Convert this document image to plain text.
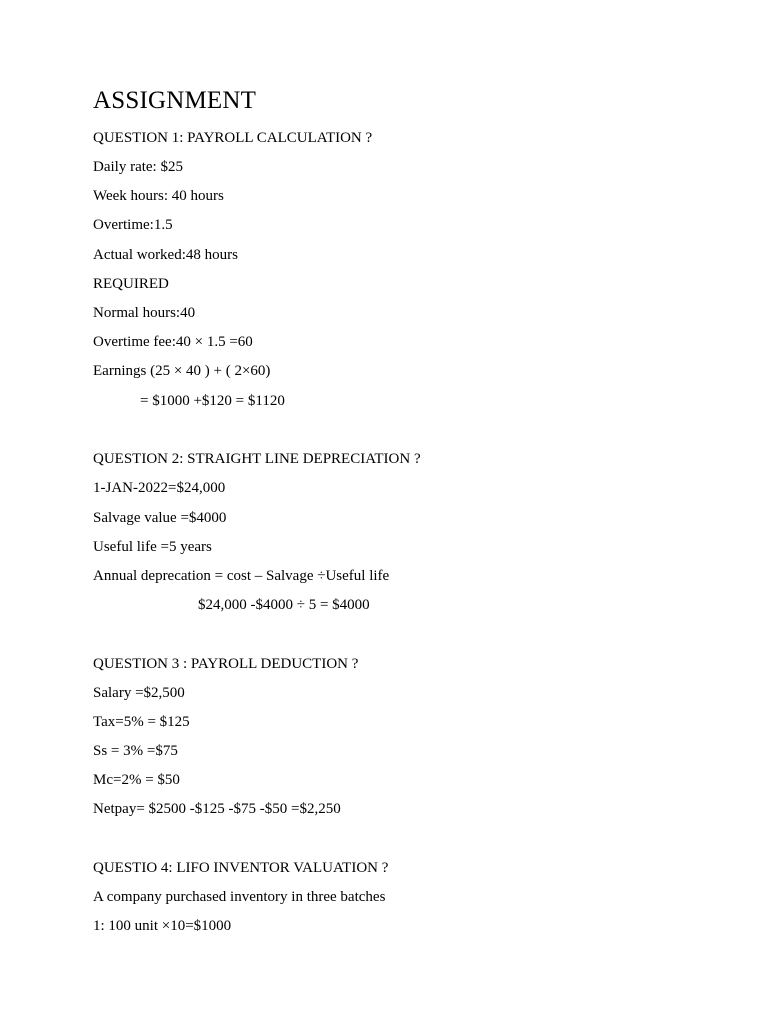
ASSIGNMENT
QUESTION 1: PAYROLL CALCULATION ?
Daily rate: $25
Week hours: 40 hours
Overtime:1.5
Actual worked:48 hours
REQUIRED
Normal hours:40
Overtime fee:40 × 1.5 =60
Earnings (25 × 40 ) + ( 2×60)
= $1000 +$120 = $1120
QUESTION 2: STRAIGHT LINE DEPRECIATION ?
1-JAN-2022=$24,000
Salvage value =$4000
Useful life =5 years
Annual deprecation = cost – Salvage ÷Useful life
$24,000 -$4000 ÷ 5 = $4000
QUESTION 3 : PAYROLL DEDUCTION ?
Salary =$2,500
Tax=5% = $125
Ss = 3% =$75
Mc=2% = $50
Netpay= $2500 -$125 -$75 -$50 =$2,250
QUESTIO 4: LIFO INVENTOR VALUATION ?
A company purchased inventory in three batches
1: 100 unit ×10=$1000
